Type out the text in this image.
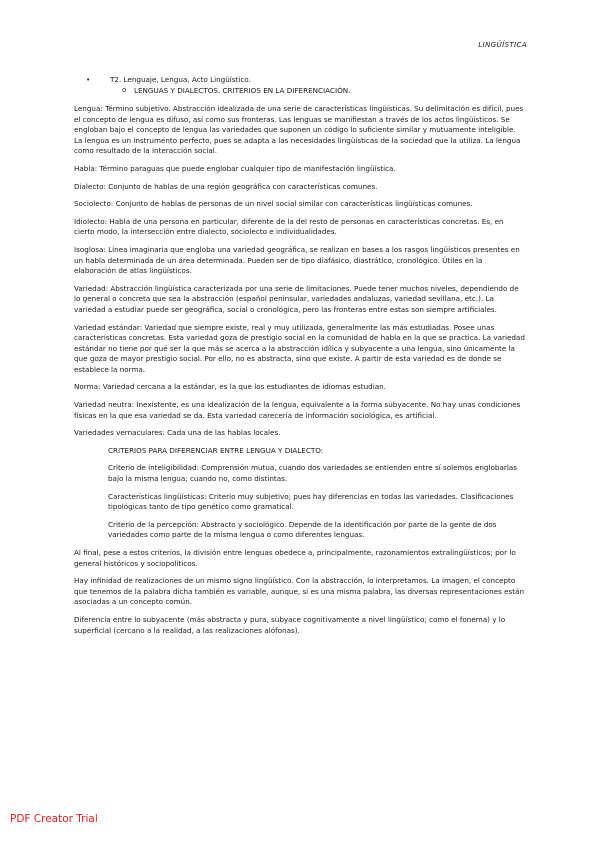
LINGÜÍSTICA
• T2. Lenguaje, Lengua, Acto Lingüístico.
o LENGUAS Y DIALECTOS. CRITERIOS EN LA DIFERENCIACIÓN.

Lengua: Término subjetivo. Abstracción idealizada de una serie de características lingüísticas. Su delimitación es difícil, pues el concepto de lengua es difuso, así como sus fronteras. Las lenguas se manifiestan a través de los actos lingüísticos. Se engloban bajo el concepto de lengua las variedades que suponen un código lo suficiente similar y mutuamente inteligible. La lengua es un instrumento perfecto, pues se adapta a las necesidades lingüísticas de la sociedad que la utiliza. La lengua como resultado de la interacción social.

Habla: Término paraguas que puede englobar cualquier tipo de manifestación lingüística.

Dialecto: Conjunto de hablas de una región geográfica con características comunes.

Sociolecto: Conjunto de hablas de personas de un nivel social similar con características lingüísticas comunes.

Idiolecto: Habla de una persona en particular, diferente de la del resto de personas en características concretas. Es, en cierto modo, la intersección entre dialecto, sociolecto e individualidades.

Isoglosa: Línea imaginaria que engloba una variedad geográfica, se realizan en bases a los rasgos lingüísticos presentes en un habla determinada de un área determinada. Pueden ser de tipo diafásico, diastrático, cronológico. Útiles en la elaboración de atlas lingüísticos.

Variedad: Abstracción lingüística caracterizada por una serie de limitaciones. Puede tener muchos niveles, dependiendo de lo general o concreta que sea la abstracción (español peninsular, variedades andaluzas, variedad sevillana, etc.). La variedad a estudiar puede ser geográfica, social o cronológica, pero las fronteras entre estas son siempre artificiales.

Variedad estándar: Variedad que siempre existe, real y muy utilizada, generalmente las más estudiadas. Posee unas características concretas. Esta variedad goza de prestigio social en la comunidad de habla en la que se practica. La variedad estándar no tiene por qué ser la que más se acerca a la abstracción idílica y subyacente a una lengua, sino únicamente la que goza de mayor prestigio social. Por ello, no es abstracta, sino que existe. A partir de esta variedad es de donde se establece la norma.

Norma: Variedad cercana a la estándar, es la que los estudiantes de idiomas estudian.

Variedad neutra: Inexistente, es una idealización de la lengua, equivalente a la forma subyacente. No hay unas condiciones físicas en la que esa variedad se da. Esta variedad carecería de información sociológica, es artificial.

Variedades vernaculares: Cada una de las hablas locales.

CRITERIOS PARA DIFERENCIAR ENTRE LENGUA Y DIALECTO:

Criterio de inteligibilidad: Comprensión mutua, cuando dos variedades se entienden entre sí solemos englobarlas bajo la misma lengua; cuando no, como distintas.

Características lingüísticas: Criterio muy subjetivo; pues hay diferencias en todas las variedades. Clasificaciones tipológicas tanto de tipo genético como gramatical.

Criterio de la percepción: Abstracto y sociológico. Depende de la identificación por parte de la gente de dos variedades como parte de la misma lengua o como diferentes lenguas.

Al final, pese a estos criterios, la división entre lenguas obedece a, principalmente, razonamientos extralingüísticos; por lo general históricos y sociopolíticos.

Hay infinidad de realizaciones de un mismo signo lingüístico. Con la abstracción, lo interpretamos. La imagen, el concepto que tenemos de la palabra dicha también es variable, aunque, si es una misma palabra, las diversas representaciones están asociadas a un concepto común.

Diferencia entre lo subyacente (más abstracta y pura, subyace cognitivamente a nivel lingüístico; como el fonema) y lo superficial (cercano a la realidad, a las realizaciones alófonas).

PDF Creator Trial
